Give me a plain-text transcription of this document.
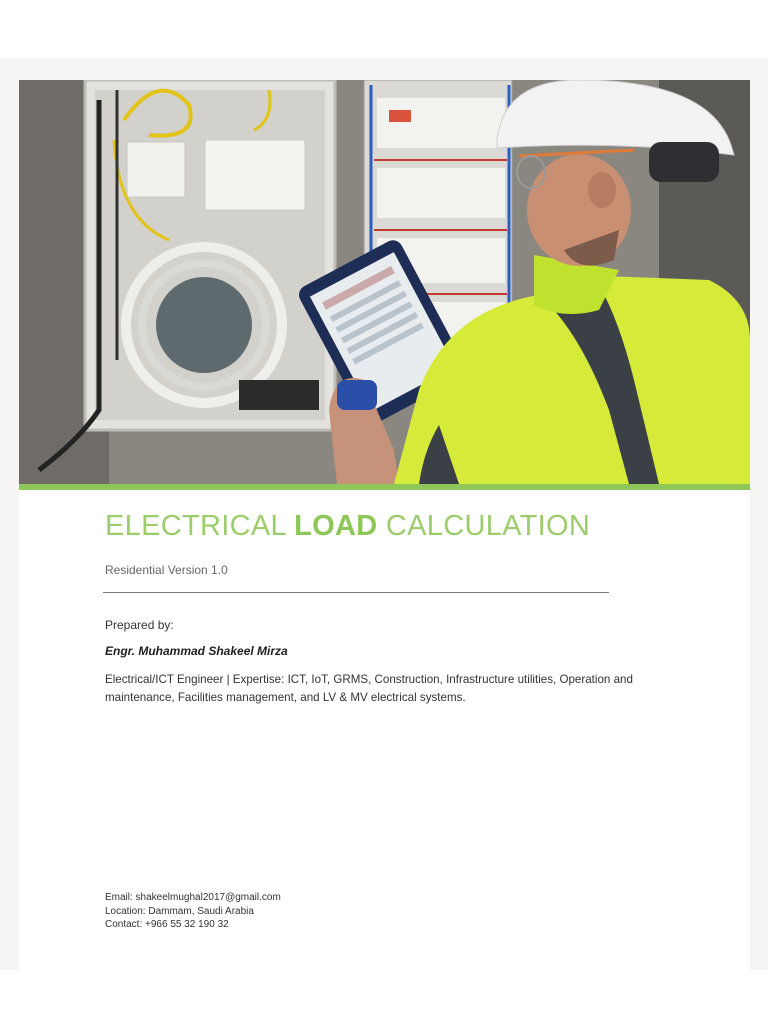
ELECTRICAL LOAD CALCULATION
Residential Version 1.0
Prepared by:
Engr. Muhammad Shakeel Mirza
Electrical/ICT Engineer | Expertise: ICT, IoT, GRMS, Construction, Infrastructure utilities, Operation and maintenance, Facilities management, and LV & MV electrical systems.
Email: shakeelmughal2017@gmail.com
Location: Dammam, Saudi Arabia
Contact: +966 55 32 190 32
